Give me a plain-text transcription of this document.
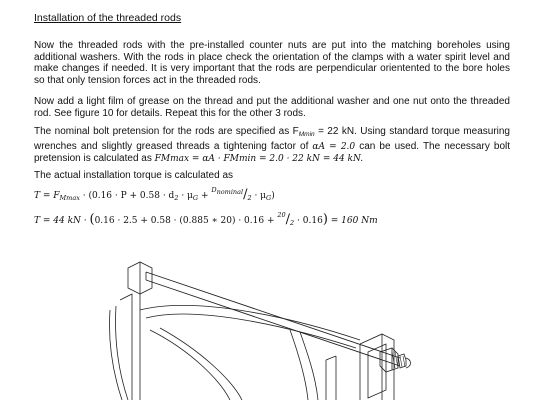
Installation of the threaded rods

Now the threaded rods with the pre-installed counter nuts are put into the matching boreholes using additional washers. With the rods in place check the orientation of the clamps with a water spirit level and make changes if needed. It is very important that the rods are perpendicular orientented to the bore holes so that only tension forces act in the threaded rods.

Now add a light film of grease on the thread and put the additional washer and one nut onto the threaded rod. See figure 10 for details. Repeat this for the other 3 rods.

The nominal bolt pretension for the rods are specified as $F_{Mmin} = 22$ kN. Using standard torque measuring wrenches and slightly greased threads a tightening factor of αA = 2.0 can be used. The necessary bolt pretension is calculated as FMmax = αA · FMmin = 2.0 · 22 kN = 44 kN.

The actual installation torque is calculated as

$T = F_{Mmax} \cdot (0.16 \cdot P + 0.58 \cdot d_2 \cdot \mu_G + ^{Dnominal}/_2 \cdot \mu_G)$
T = 44 kN · (0.16 · 2.5 + 0.58 · (0.885 ∗ $20) \cdot 0.16 + ^{20}/_2 \cdot 0.16) = 160$ Nm
